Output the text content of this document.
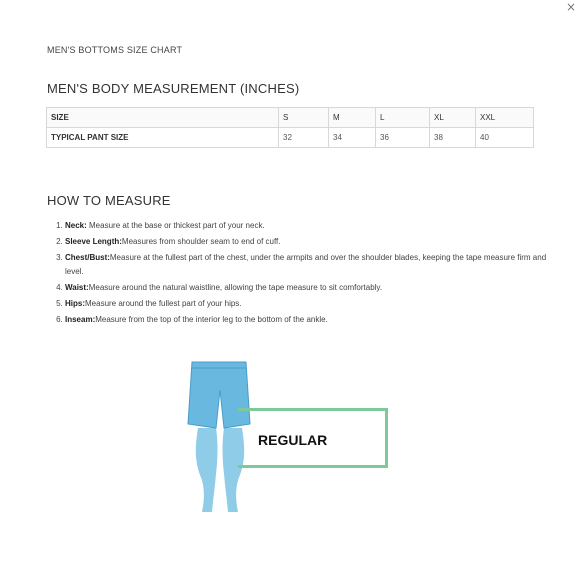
×
MEN'S BOTTOMS SIZE CHART
MEN'S BODY MEASUREMENT (INCHES)
SIZE	S	M	L	XL	XXL
TYPICAL PANT SIZE	32	34	36	38	40
HOW TO MEASURE
1. Neck: Measure at the base or thickest part of your neck.
2. Sleeve Length:Measures from shoulder seam to end of cuff.
3. Chest/Bust:Measure at the fullest part of the chest, under the armpits and over the shoulder blades, keeping the tape measure firm and level.
4. Waist:Measure around the natural waistline, allowing the tape measure to sit comfortably.
5. Hips:Measure around the fullest part of your hips.
6. Inseam:Measure from the top of the interior leg to the bottom of the ankle.
REGULAR
